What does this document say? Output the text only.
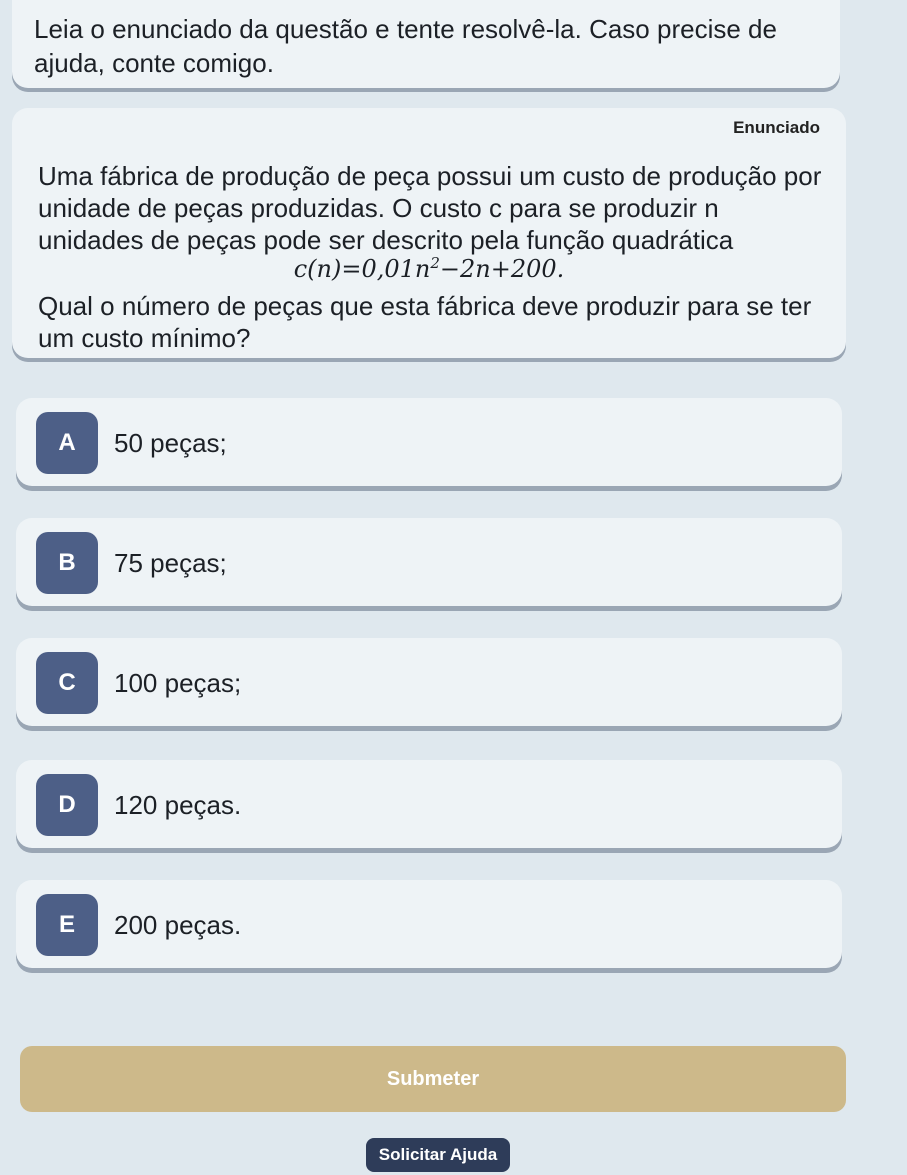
Leia o enunciado da questão e tente resolvê-la. Caso precise de ajuda, conte comigo.
Enunciado
Uma fábrica de produção de peça possui um custo de produção por unidade de peças produzidas. O custo c para se produzir n unidades de peças pode ser descrito pela função quadrática
$c(n)=0,01n^2-2n+200$.
Qual o número de peças que esta fábrica deve produzir para se ter um custo mínimo?
A	50 peças;
B	75 peças;
C	100 peças;
D	120 peças.
E	200 peças.
Submeter
Solicitar Ajuda
